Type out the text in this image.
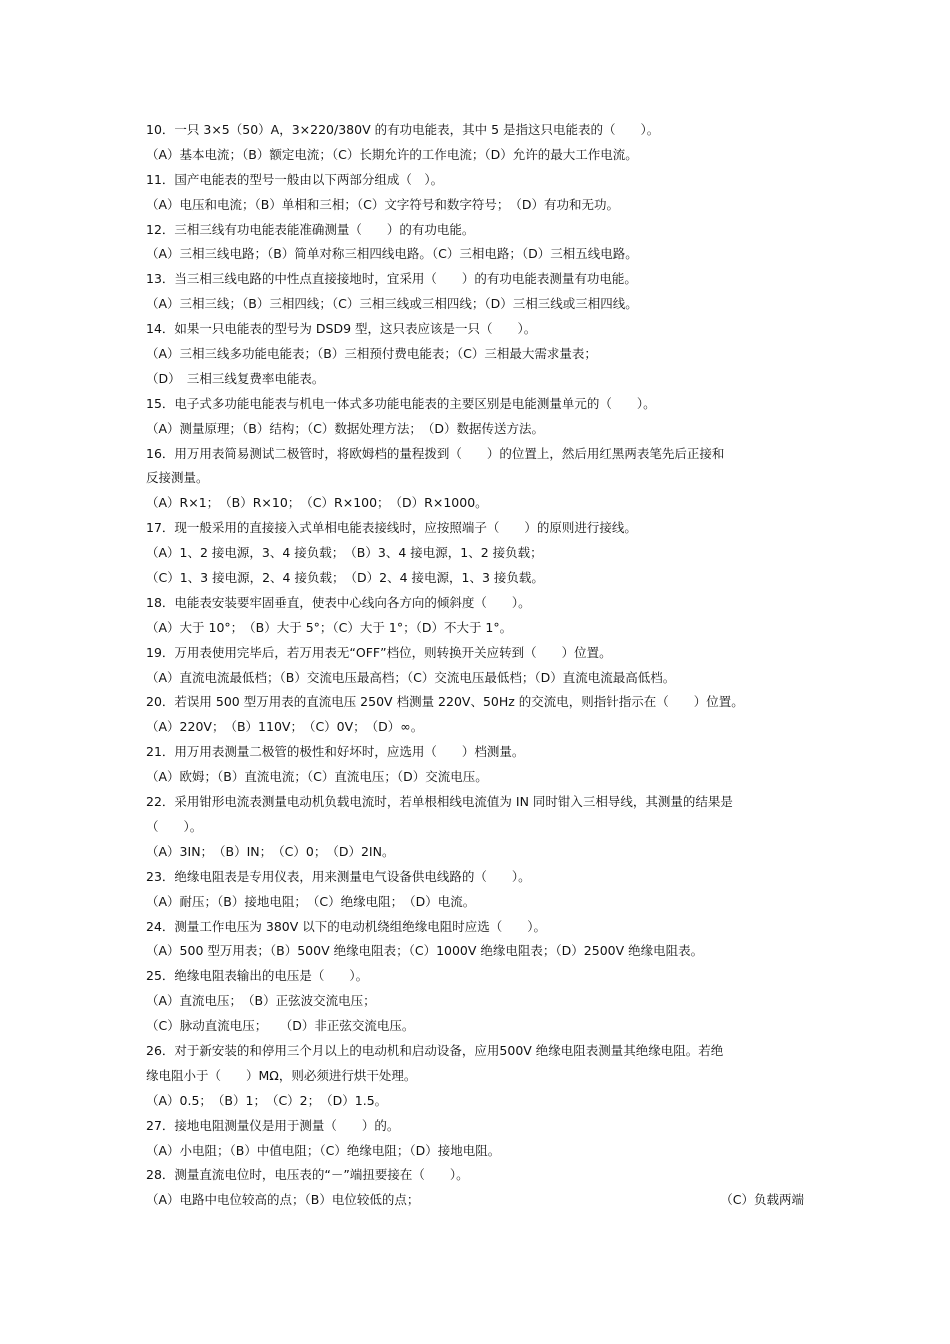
10．一只 3×5（50）A，3×220/380V 的有功电能表，其中 5 是指这只电能表的（　　）。
（A）基本电流；（B）额定电流；（C）长期允许的工作电流；（D）允许的最大工作电流。
11．国产电能表的型号一般由以下两部分组成（　）。
（A）电压和电流；（B）单相和三相；（C）文字符号和数字符号；　（D）有功和无功。
12．三相三线有功电能表能准确测量（　　）的有功电能。
（A）三相三线电路；（B）简单对称三相四线电路。（C）三相电路；（D）三相五线电路。
13．当三相三线电路的中性点直接接地时，宜采用（　　）的有功电能表测量有功电能。
（A）三相三线；（B）三相四线；（C）三相三线或三相四线；（D）三相三线或三相四线。
14．如果一只电能表的型号为 DSD9 型，这只表应该是一只（　　）。
（A）三相三线多功能电能表；（B）三相预付费电能表；（C）三相最大需求量表；
（D）　三相三线复费率电能表。
15．电子式多功能电能表与机电一体式多功能电能表的主要区别是电能测量单元的（　　）。
（A）测量原理；（B）结构；（C）数据处理方法；　（D）数据传送方法。
16．用万用表简易测试二极管时，将欧姆档的量程拨到（　　）的位置上，然后用红黑两表笔先后正接和
反接测量。
（A）R×1；　（B）R×10；　（C）R×100；　（D）R×1000。
17．现一般采用的直接接入式单相电能表接线时，应按照端子（　　）的原则进行接线。
（A）1、2 接电源，3、4 接负载；　（B）3、4 接电源，1、2 接负载；
（C）1、3 接电源，2、4 接负载；　（D）2、4 接电源，1、3 接负载。
18．电能表安装要牢固垂直，使表中心线向各方向的倾斜度（　　）。
（A）大于 10°；　（B）大于 5°；（C）大于 1°；（D）不大于 1°。
19．万用表使用完毕后，若万用表无“OFF”档位，则转换开关应转到（　　）位置。
（A）直流电流最低档；（B）交流电压最高档；（C）交流电压最低档；（D）直流电流最高低档。
20．若误用 500 型万用表的直流电压 250V 档测量 220V、50Hz 的交流电，则指针指示在（　　）位置。
（A）220V；　（B）110V；　（C）0V；　（D）∞。
21．用万用表测量二极管的极性和好坏时，应选用（　　）档测量。
（A）欧姆；（B）直流电流；（C）直流电压；（D）交流电压。
22．采用钳形电流表测量电动机负载电流时，若单根相线电流值为 IN 同时钳入三相导线，其测量的结果是
（　　）。
（A）3IN；　（B）IN；　（C）0；　（D）2IN。
23．绝缘电阻表是专用仪表，用来测量电气设备供电线路的（　　）。
（A）耐压；（B）接地电阻；　（C）绝缘电阻；　（D）电流。
24．测量工作电压为 380V 以下的电动机绕组绝缘电阻时应选（　　）。
（A）500 型万用表；（B）500V 绝缘电阻表；（C）1000V 绝缘电阻表；（D）2500V 绝缘电阻表。
25．绝缘电阻表输出的电压是（　　）。
（A）直流电压；　（B）正弦波交流电压；
（C）脉动直流电压；　　（D）非正弦交流电压。
26．对于新安装的和停用三个月以上的电动机和启动设备，应用500V 绝缘电阻表测量其绝缘电阻。若绝
缘电阻小于（　　）MΩ，则必须进行烘干处理。
（A）0.5；　（B）1；　（C）2；　（D）1.5。
27．接地电阻测量仪是用于测量（　　）的。
（A）小电阻；（B）中值电阻；（C）绝缘电阻；（D）接地电阻。
28．测量直流电位时，电压表的“－”端扭要接在（　　）。
（A）电路中电位较高的点；（B）电位较低的点；	（C）负载两端
